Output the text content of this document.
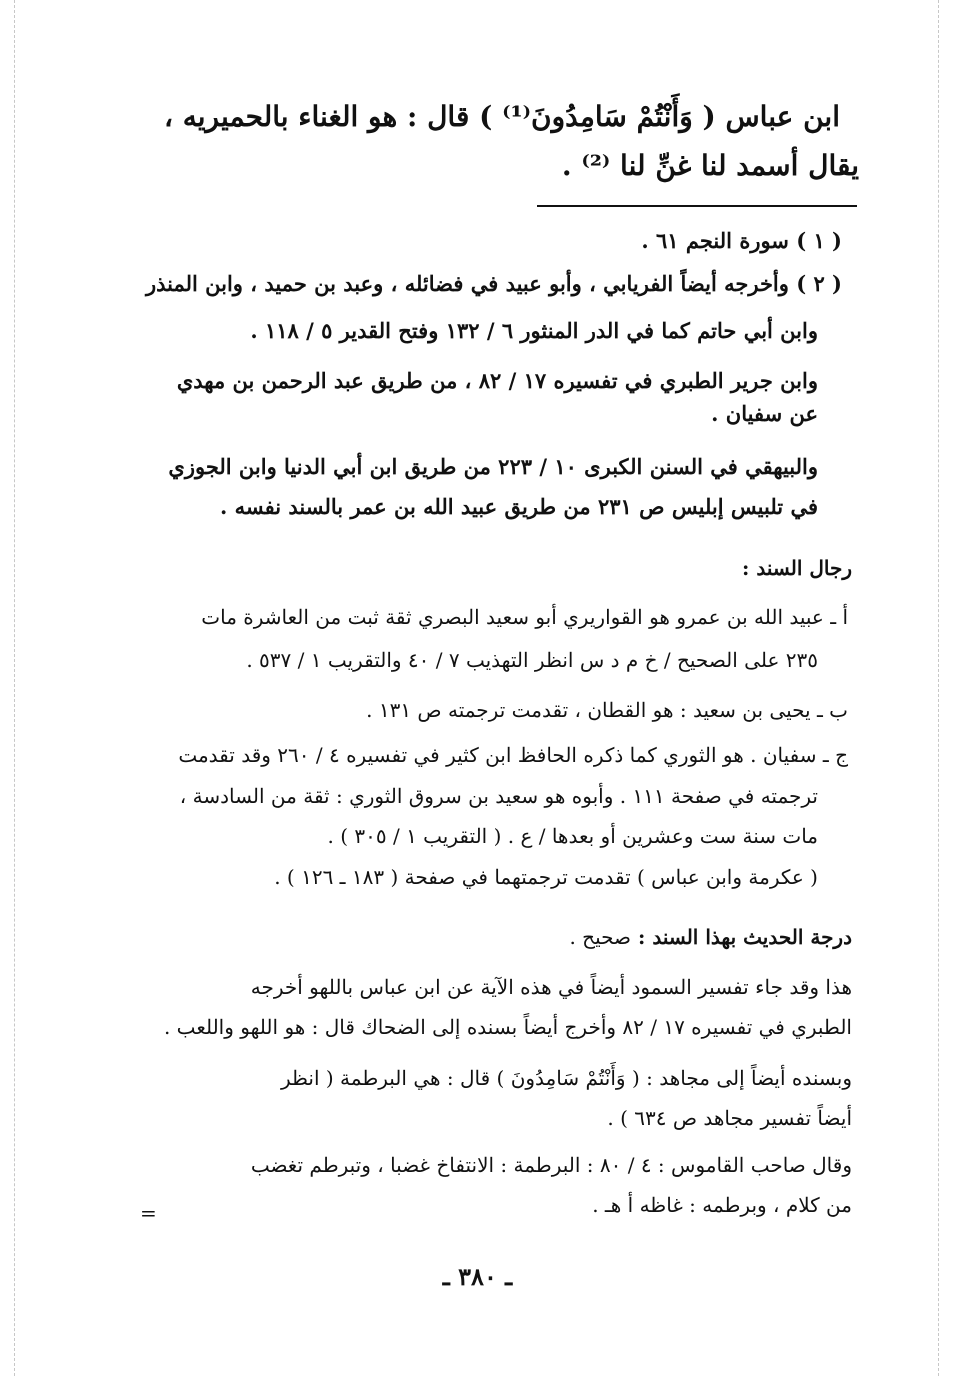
ابن عباس ( وَأَنْتُمْ سَامِدُونَ⁽¹⁾ ) قال : هو الغناء بالحميريه ،

يقال أسمد لنا غنِّ لنا ⁽²⁾ .

( ١ ) سورة النجم ٦١ .

( ٢ ) وأخرجه أيضاً الفريابي ، وأبو عبيد في فضائله ، وعبد بن حميد ، وابن المنذر

وابن أبي حاتم كما في الدر المنثور ٦ / ١٣٢ وفتح القدير ٥ / ١١٨ .

وابن جرير الطبري في تفسيره ١٧ / ٨٢ ، من طريق عبد الرحمن بن مهدي

عن سفيان .

والبيهقي في السنن الكبرى ١٠ / ٢٢٣ من طريق ابن أبي الدنيا وابن الجوزي

في تلبيس إبليس ص ٢٣١ من طريق عبيد الله بن عمر بالسند نفسه .

رجال السند :

أ ـ عبيد الله بن عمرو هو القواريري أبو سعيد البصري ثقة ثبت من العاشرة مات

٢٣٥ على الصحيح / خ م د س انظر التهذيب ٧ / ٤٠ والتقريب ١ / ٥٣٧ .

ب ـ يحيى بن سعيد : هو القطان ، تقدمت ترجمته ص ١٣١ .

ج ـ سفيان . هو الثوري كما ذكره الحافظ ابن كثير في تفسيره ٤ / ٢٦٠ وقد تقدمت

ترجمته في صفحة ١١١ . وأبوه هو سعيد بن سروق الثوري : ثقة من السادسة ،

مات سنة ست وعشرين أو بعدها / ع . ( التقريب ١ / ٣٠٥ ) .

( عكرمة وابن عباس ) تقدمت ترجمتهما في صفحة ( ١٨٣ ـ ١٢٦ ) .

درجة الحديث بهذا السند : صحيح .

هذا وقد جاء تفسير السمود أيضاً في هذه الآية عن ابن عباس باللهو أخرجه

الطبري في تفسيره ١٧ / ٨٢ وأخرج أيضاً بسنده إلى الضحاك قال : هو اللهو واللعب .

وبسنده أيضاً إلى مجاهد : ( وَأَنْتُمْ سَامِدُونَ ) قال : هي البرطمة ( انظر

أيضاً تفسير مجاهد ص ٦٣٤ ) .

وقال صاحب القاموس : ٤ / ٨٠ : البرطمة : الانتفاخ غضبا ، وتبرطم تغضب

من كلام ، وبرطمه : غاظه أ هـ .

=

ـ ٣٨٠ ـ
